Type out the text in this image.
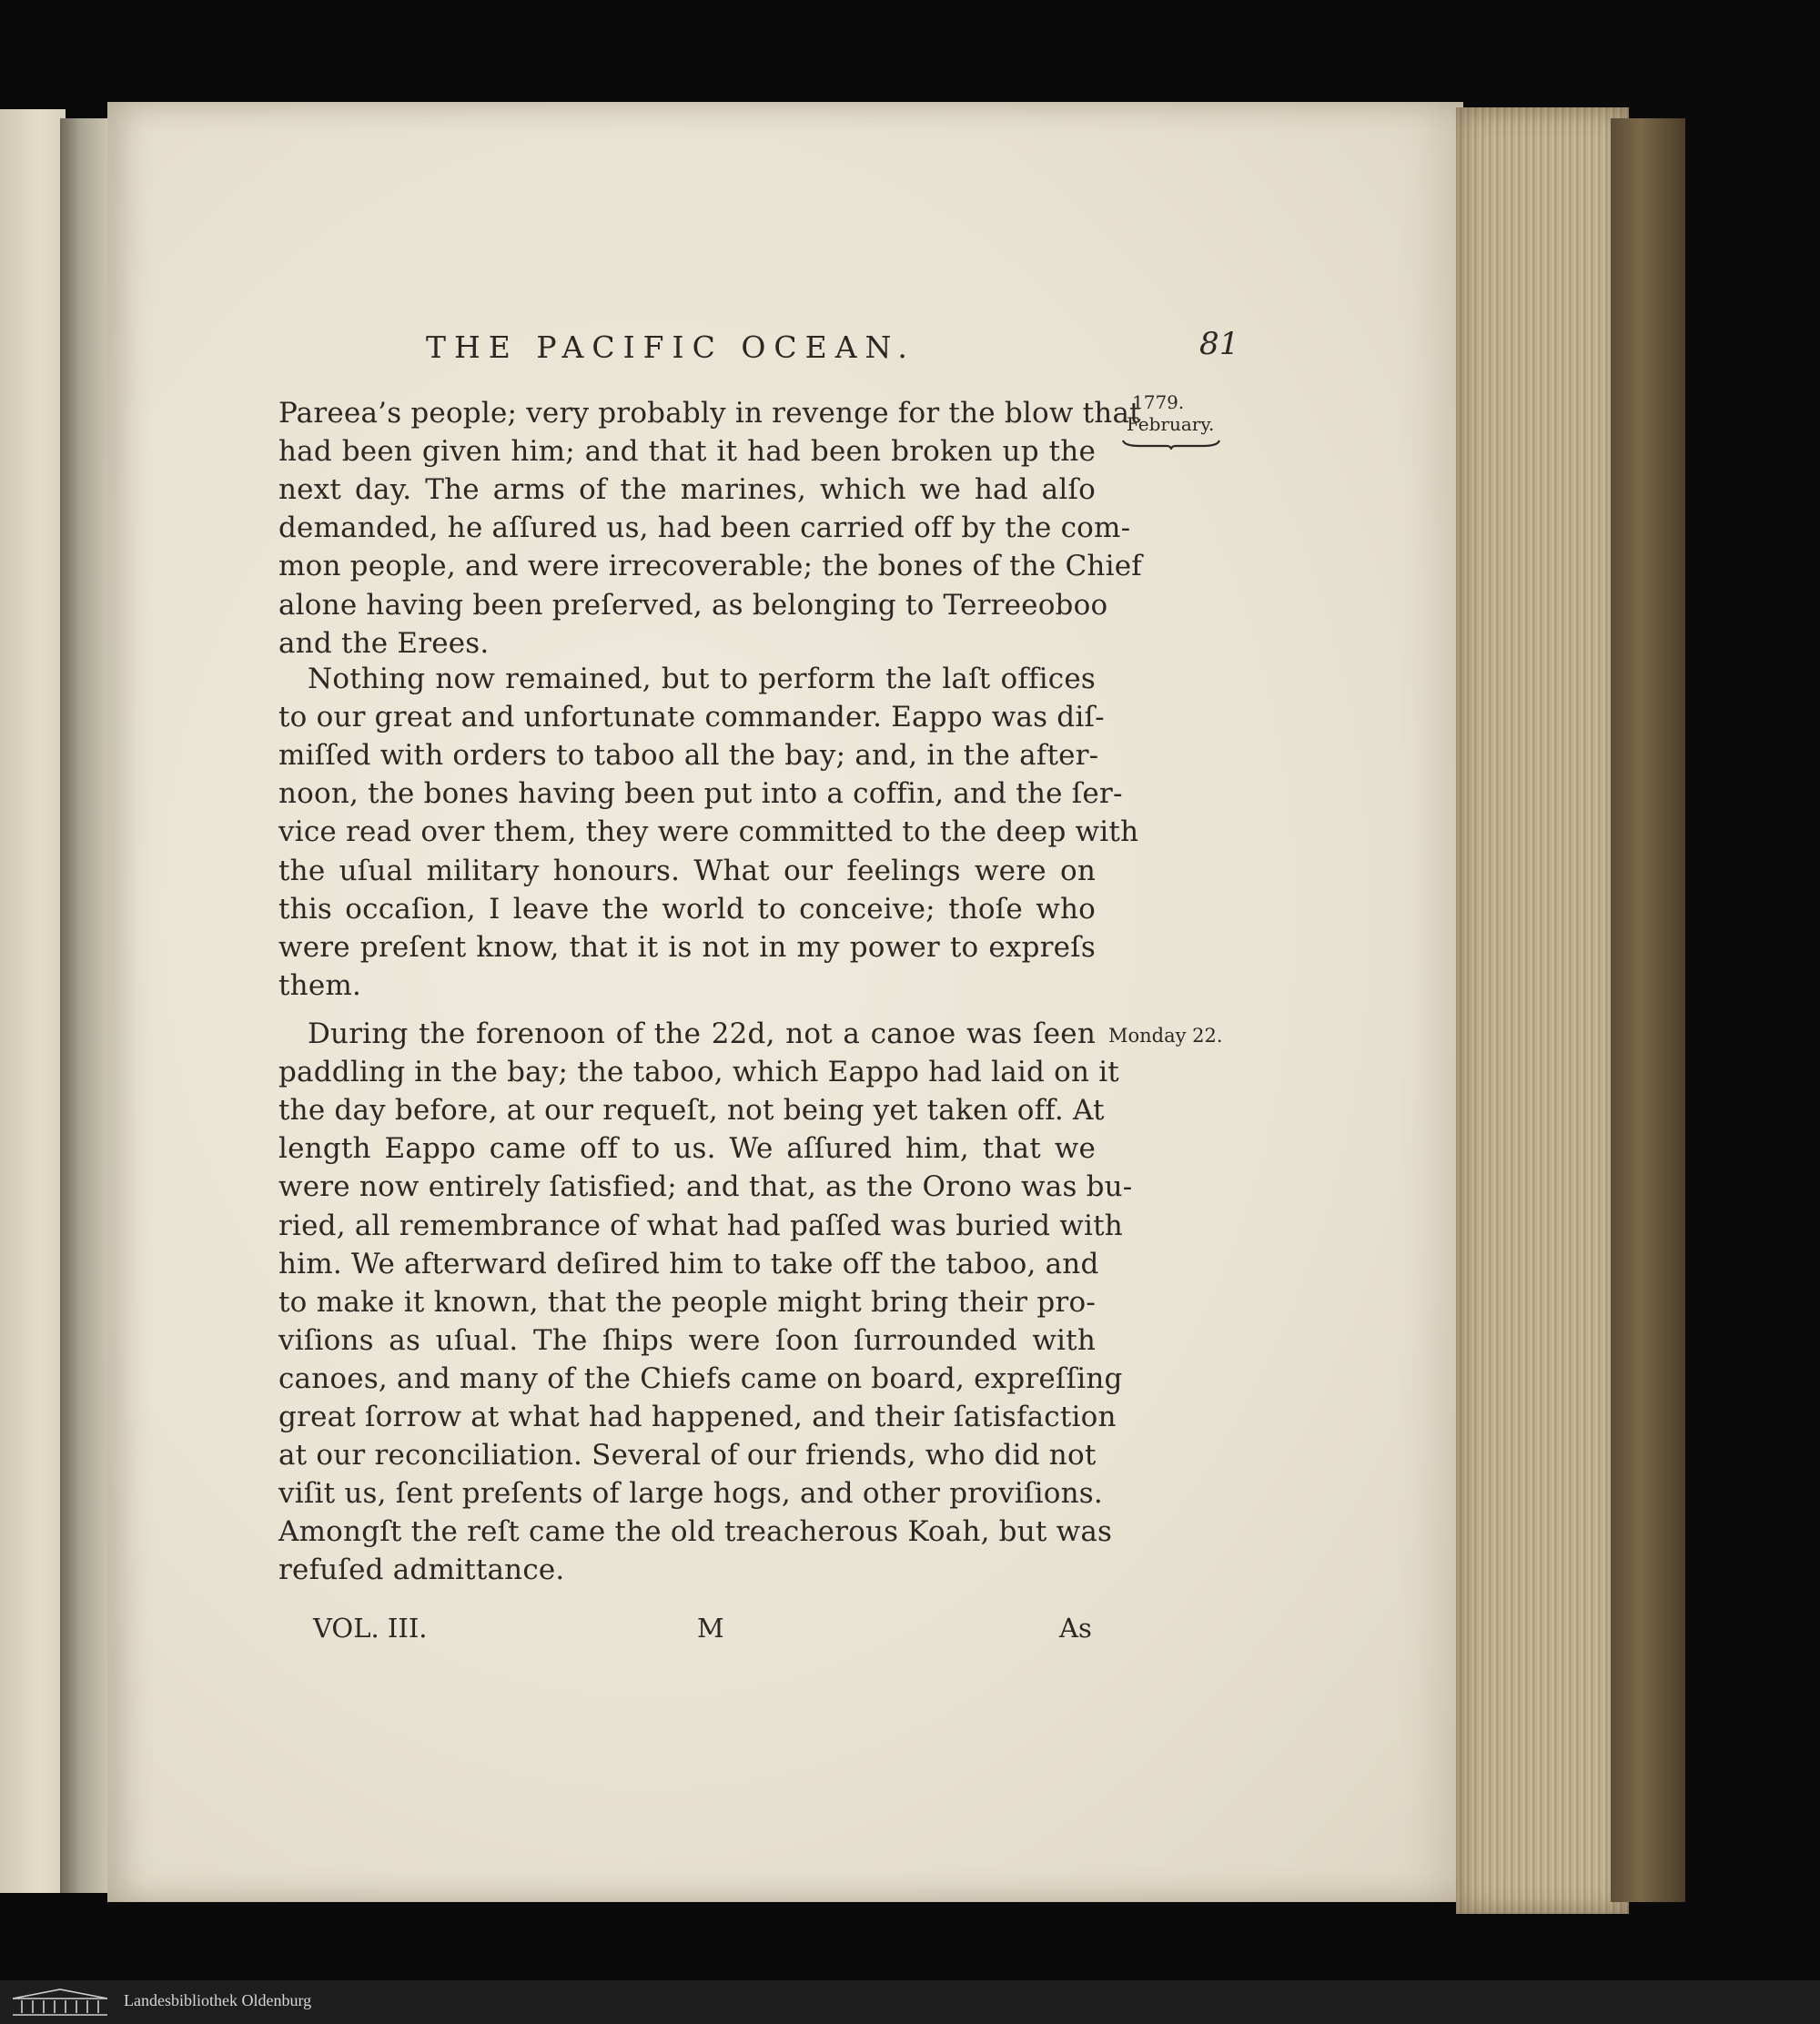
THE PACIFIC OCEAN.	81
1779.
February.
Monday 22.
Pareea’s people; very probably in revenge for the blow that
had been given him; and that it had been broken up the
next day. The arms of the marines, which we had alſo
demanded, he aſſured us, had been carried off by the com-
mon people, and were irrecoverable; the bones of the Chief
alone having been preſerved, as belonging to Terreeoboo
and the Erees.
Nothing now remained, but to perform the laſt offices
to our great and unfortunate commander. Eappo was diſ-
miſſed with orders to taboo all the bay; and, in the after-
noon, the bones having been put into a coffin, and the ſer-
vice read over them, they were committed to the deep with
the uſual military honours. What our feelings were on
this occaſion, I leave the world to conceive; thoſe who
were preſent know, that it is not in my power to expreſs
them.
During the forenoon of the 22d, not a canoe was ſeen
paddling in the bay; the taboo, which Eappo had laid on it
the day before, at our requeſt, not being yet taken off. At
length Eappo came off to us. We aſſured him, that we
were now entirely ſatisfied; and that, as the Orono was bu-
ried, all remembrance of what had paſſed was buried with
him. We afterward deſired him to take off the taboo, and
to make it known, that the people might bring their pro-
viſions as uſual. The ſhips were ſoon ſurrounded with
canoes, and many of the Chiefs came on board, expreſſing
great ſorrow at what had happened, and their ſatisfaction
at our reconciliation. Several of our friends, who did not
viſit us, ſent preſents of large hogs, and other proviſions.
Amongſt the reſt came the old treacherous Koah, but was
refuſed admittance.
VOL. III.	M	As
Landesbibliothek Oldenburg
